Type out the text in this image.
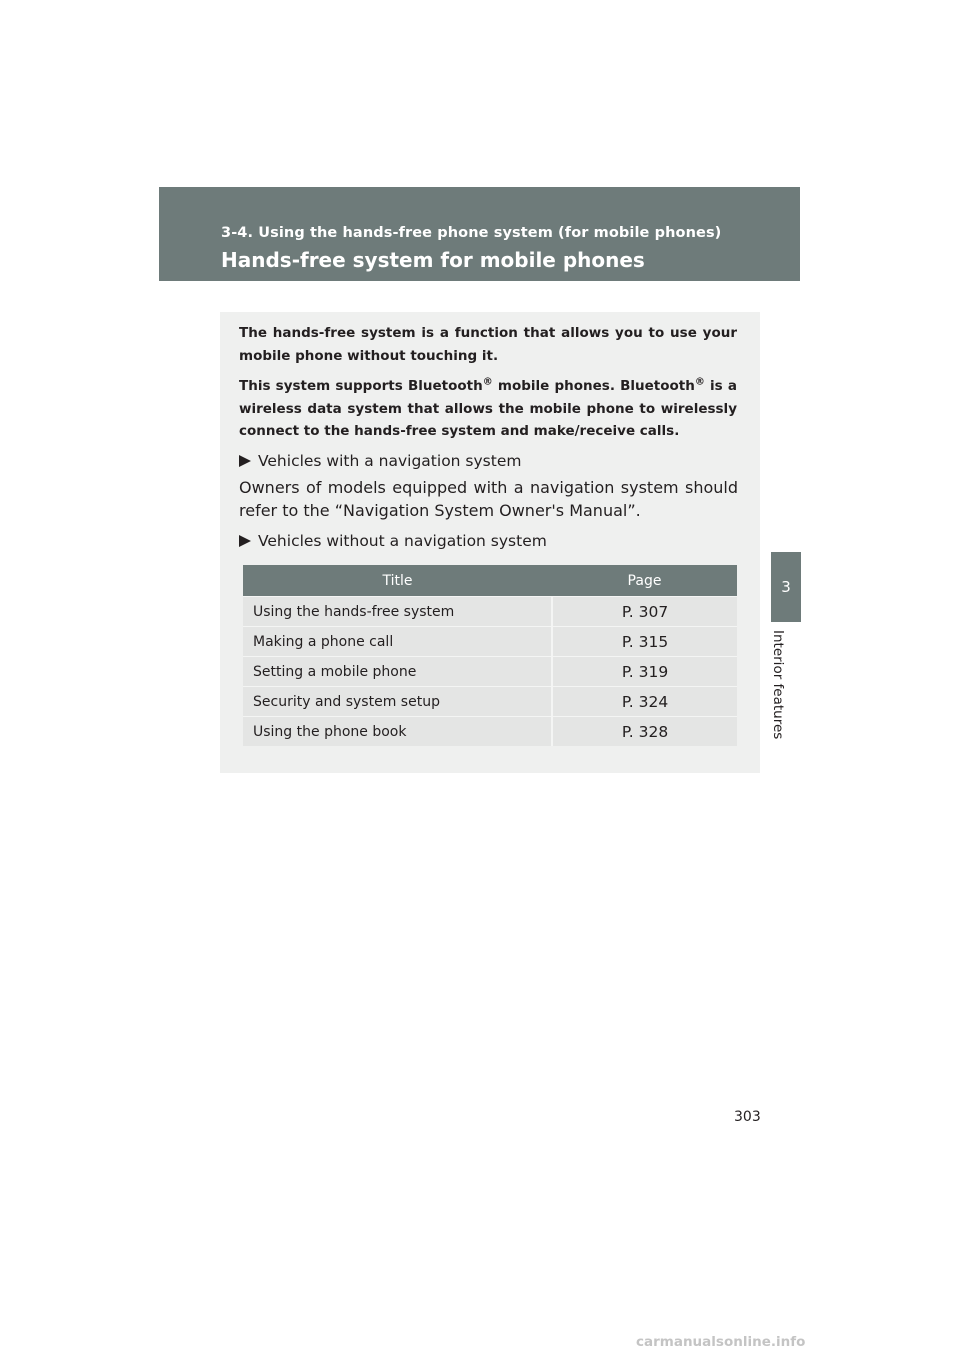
3-4. Using the hands-free phone system (for mobile phones)
Hands-free system for mobile phones
3
Interior features

The hands-free system is a function that allows you to use your mobile phone without touching it.

This system supports Bluetooth® mobile phones. Bluetooth® is a wireless data system that allows the mobile phone to wirelessly connect to the hands-free system and make/receive calls.

Vehicles with a navigation system
Owners of models equipped with a navigation system should refer to the “Navigation System Owner's Manual”.
Vehicles without a navigation system
Title	Page
Using the hands-free system	P. 307
Making a phone call	P. 315
Setting a mobile phone	P. 319
Security and system setup	P. 324
Using the phone book	P. 328
303
carmanualsonline.info
